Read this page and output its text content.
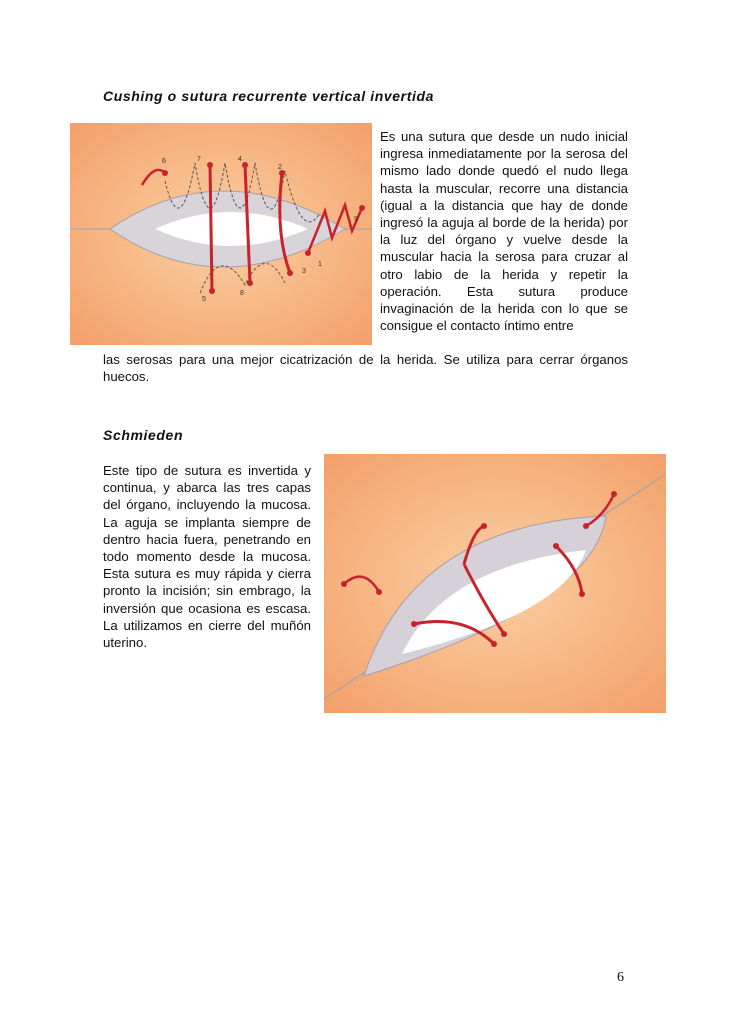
Cushing o sutura recurrente vertical invertida
6	7	4
2
5
3
8
1
9
Es una sutura que desde un nudo inicial ingresa inmediatamente por la serosa del mismo lado donde quedó el nudo llega hasta la muscular, recorre una distancia (igual a la distancia que hay de donde ingresó la aguja al borde de la herida) por la luz del órgano y vuelve desde la muscular hacia la serosa para cruzar al otro labio de la herida y repetir la operación. Esta sutura produce invaginación de la herida con lo que se consigue el contacto íntimo entre
las serosas para una mejor cicatrización de la herida. Se utiliza para cerrar órganos huecos.
Schmieden
Este tipo de sutura es invertida y continua, y abarca las tres capas del órgano, incluyendo la mucosa. La aguja se implanta siempre de dentro hacia fuera, penetrando en todo momento desde la mucosa. Esta sutura es muy rápida y cierra pronto la incisión; sin embrago, la inversión que ocasiona es escasa. La utilizamos en cierre del muñón uterino.
6
